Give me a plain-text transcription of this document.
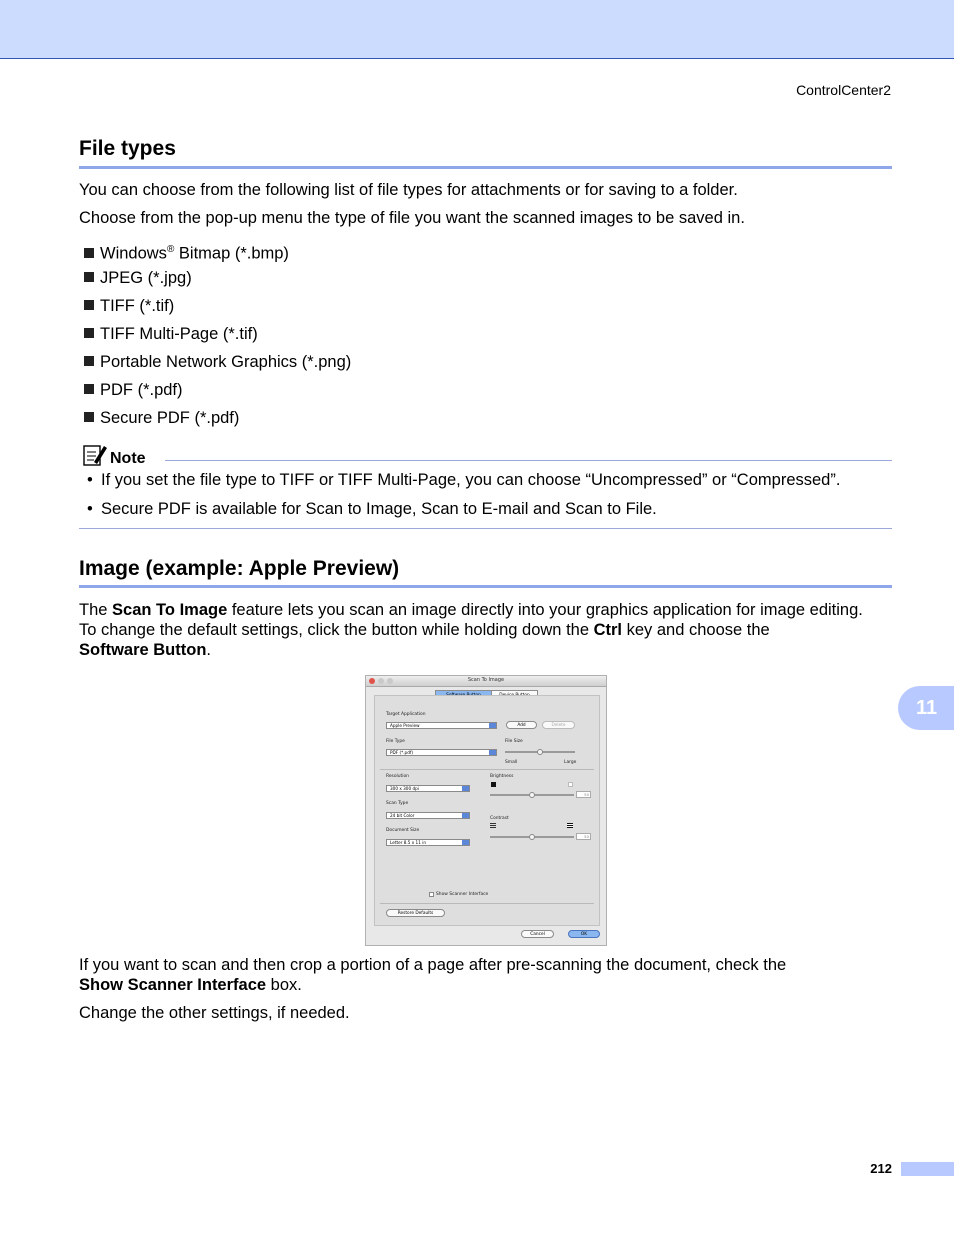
ControlCenter2
File types
You can choose from the following list of file types for attachments or for saving to a folder.
Choose from the pop-up menu the type of file you want the scanned images to be saved in.
Windows® Bitmap (*.bmp)
JPEG (*.jpg)
TIFF (*.tif)
TIFF Multi-Page (*.tif)
Portable Network Graphics (*.png)
PDF (*.pdf)
Secure PDF (*.pdf)
Note
• If you set the file type to TIFF or TIFF Multi-Page, you can choose “Uncompressed” or “Compressed”.
• Secure PDF is available for Scan to Image, Scan to E-mail and Scan to File.
Image (example: Apple Preview)
The Scan To Image feature lets you scan an image directly into your graphics application for image editing.
To change the default settings, click the button while holding down the Ctrl key and choose the
Software Button.
Scan To Image
Target Application
Apple Preview	Add	Delete
File Type
PDF (*.pdf)
File Size
Small	Large
Resolution
300 x 300 dpi
Brightness
50
Scan Type
24 bit Color
Contrast
50
Document Size
Letter 8.5 x 11 in
Show Scanner Interface
Restore Defaults
Cancel	OK
If you want to scan and then crop a portion of a page after pre-scanning the document, check the
Show Scanner Interface box.
Change the other settings, if needed.
11
212
